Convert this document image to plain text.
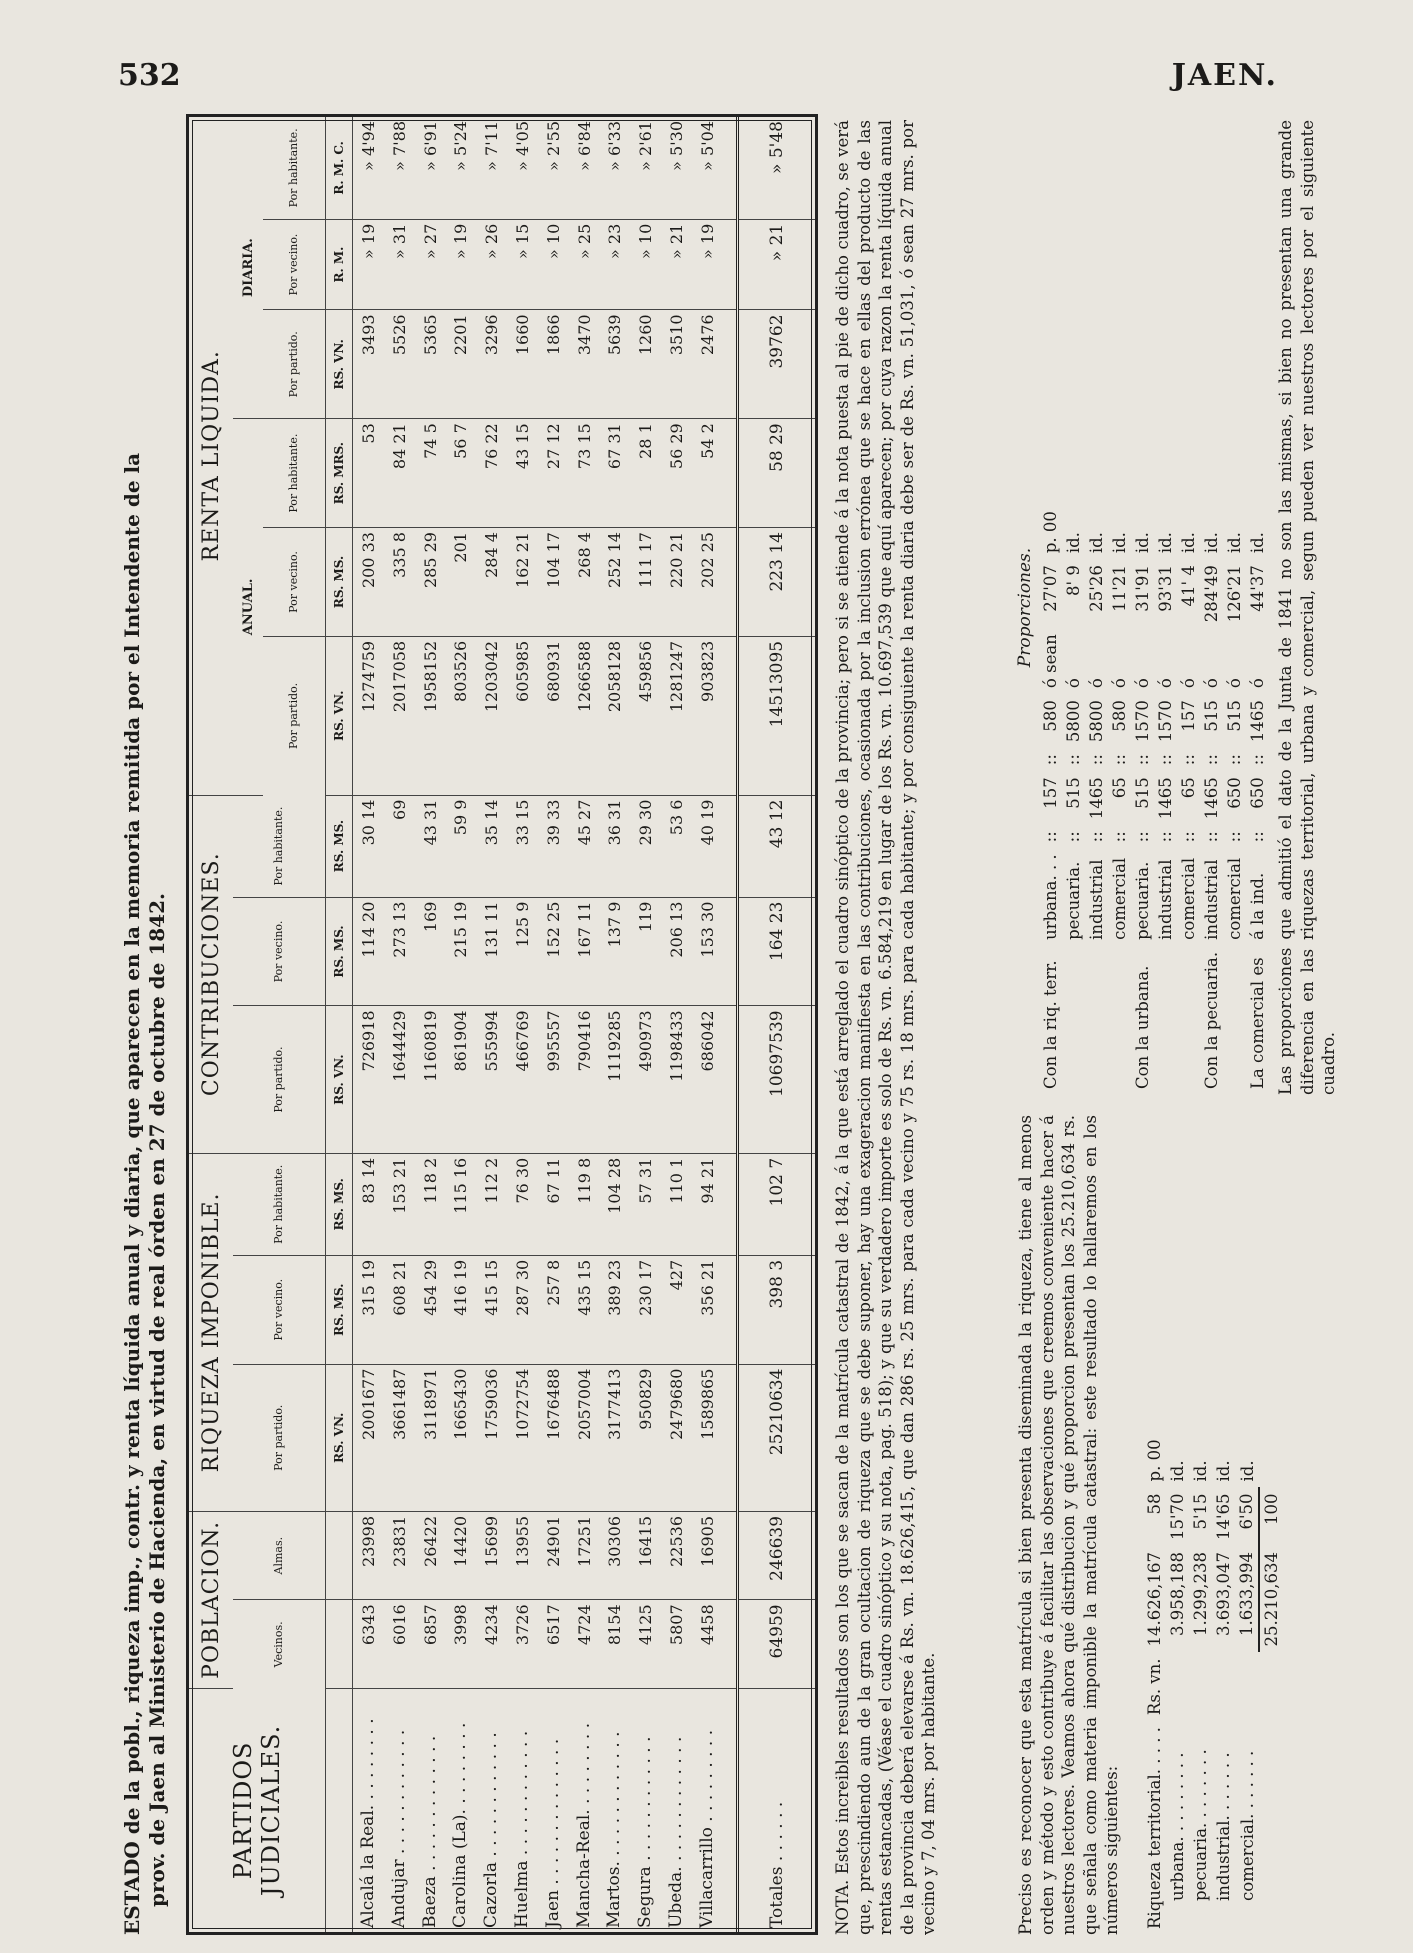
532	JAEN.
ESTADO de la pobl., riqueza imp., contr. y renta líquida anual y diaria, que aparecen en la memoria remitida por el Intendente de la prov. de Jaen al Ministerio de Hacienda, en virtud de real órden en 27 de octubre de 1842.	PARTIDOS JUDICIALES.	POBLACION.		RIQUEZA IMPONIBLE.			CONTRIBUCIONES.			RENTA LIQUIDA.					
	Vecinos.	Almas.	Por partido.	Por vecino.	Por habitante.	Por partido.	Por vecino.	Por habitante.	ANUAL.			DIARIA.		
									Por partido.	Por vecino.	Por habitante.	Por partido.	Por vecino.	Por habitante.
			RS. VN.	RS. MS.	RS. MS.	RS. VN.	RS. MS.	RS. MS.	RS. VN.	RS. MS.	RS. MRS.	RS. VN.	R. M.	R. M. C.
Alcalá la Real. . . . . . . . .	6343	23998	2001677	315 19	83 14	726918	114 20	30 14	1274759	200 33	53	3493	» 19	» 4'94
Andujar . . . . . . . . . . . .	6016	23831	3661487	608 21	153 21	1644429	273 13	69	2017058	335 8	84 21	5526	» 31	» 7'88
Baeza . . . . . . . . . . . . .	6857	26422	3118971	454 29	118 2	1160819	169	43 31	1958152	285 29	74 5	5365	» 27	» 6'91
Carolina (La). . . . . . . . .	3998	14420	1665430	416 19	115 16	861904	215 19	59 9	803526	201	56 7	2201	» 19	» 5'24
Cazorla . . . . . . . . . . . .	4234	15699	1759036	415 15	112 2	555994	131 11	35 14	1203042	284 4	76 22	3296	» 26	» 7'11
Huelma . . . . . . . . . . . .	3726	13955	1072754	287 30	76 30	466769	125 9	33 15	605985	162 21	43 15	1660	» 15	» 4'05
Jaen . . . . . . . . . . . . . .	6517	24901	1676488	257 8	67 11	995557	152 25	39 33	680931	104 17	27 12	1866	» 10	» 2'55
Mancha-Real. . . . . . . . .	4724	17251	2057004	435 15	119 8	790416	167 11	45 27	1266588	268 4	73 15	3470	» 25	» 6'84
Martos. . . . . . . . . . . . .	8154	30306	3177413	389 23	104 28	1119285	137 9	36 31	2058128	252 14	67 31	5639	» 23	» 6'33
Segura . . . . . . . . . . . .	4125	16415	950829	230 17	57 31	490973	119	29 30	459856	111 17	28 1	1260	» 10	» 2'61
Ubeda. . . . . . . . . . . . .	5807	22536	2479680	427	110 1	1198433	206 13	53 6	1281247	220 21	56 29	3510	» 21	» 5'30
Villacarrillo . . . . . . . . .	4458	16905	1589865	356 21	94 21	686042	153 30	40 19	903823	202 25	54 2	2476	» 19	» 5'04

Totales . . . . . .	64959	246639	25210634	398 3	102 7	10697539	164 23	43 12	14513095	223 14	58 29	39762	» 21	» 5'48
NOTA. Estos increibles resultados son los que se sacan de la matrícula catastral de 1842, á la que está arreglado el cuadro sinóptico de la provincia; pero si se atiende á la nota puesta al pie de dicho cuadro, se verá que, prescindiendo aun de la gran ocultacion de riqueza que se debe suponer, hay una exageracion manifiesta en las contribuciones, ocasionada por la inclusion errónea que se hace en ellas del producto de las rentas estancadas, (Véase el cuadro sinóptico y su nota, pag. 518); y que su verdadero importe es solo de Rs. vn. 6.584,219 en lugar de los Rs. vn. 10.697,539 que aquí aparecen; por cuya razon la renta líquida anual de la provincia deberá elevarse á Rs. vn. 18.626,415, que dan 286 rs. 25 mrs. para cada vecino y 75 rs. 18 mrs. para cada habitante; y por consiguiente la renta diaria debe ser de Rs. vn. 51,031, ó sean 27 mrs. por vecino y 7, 04 mrs. por habitante.	Preciso es reconocer que esta matrícula si bien presenta diseminada la riqueza, tiene al menos orden y método y esto contribuye á facilitar las observaciones que creemos conveniente hacer á nuestros lectores. Veamos ahora qué distribucion y qué proporcion presentan los 25.210,634 rs. que señala como materia imponible la matrícula catastral: este resultado lo hallaremos en los números siguientes: Riqueza territorial. . . . .	Rs. vn.	14.626,167	58	p. 00
urbana. . . . . . . . .		3.958,188	15'70	id.
pecuaria. . . . . . . .		1.299,238	5'15	id.
industrial. . . . . . .		3.693,047	14'65	id.
comercial. . . . . . .		1.633,994	6'50	id.
		25.210,634	100	
Proporciones.
Con la riq. terr.	urbana. . .	::	157	::	580	ó sean	27'07	p. 00
	pecuaria.	::	515	::	5800	ó	8' 9	id.
	industrial	::	1465	::	5800	ó	25'26	id.
	comercial	::	65	::	580	ó	11'21	id.
Con la urbana.	pecuaria.	::	515	::	1570	ó	31'91	id.
	industrial	::	1465	::	1570	ó	93'31	id.
	comercial	::	65	::	157	ó	41' 4	id.
Con la pecuaria.	industrial	::	1465	::	515	ó	284'49	id.
	comercial	::	650	::	515	ó	126'21	id.
La comercial es	á la ind.	::	650	::	1465	ó	44'37	id. Las proporciones que admitió el dato de la Junta de 1841 no son las mismas, si bien no presentan una grande diferencia en las riquezas territorial, urbana y comercial, segun pueden ver nuestros lectores por el siguiente cuadro.
